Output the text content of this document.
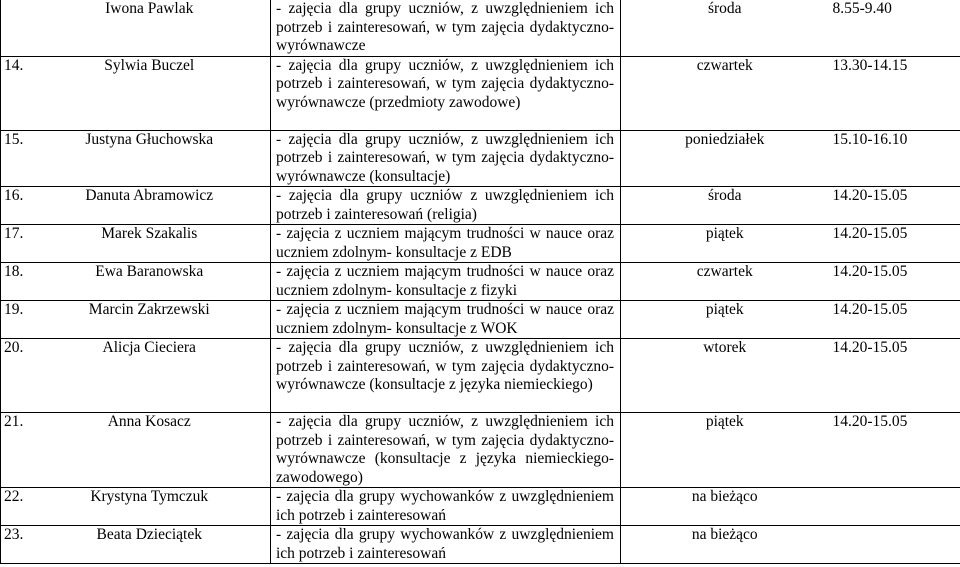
	Iwona Pawlak	- zajęcia dla grupy uczniów, z uwzględnieniem ich potrzeb i zainteresowań, w tym zajęcia dydaktyczno- wyrównawcze	środa	8.55-9.40
14.	Sylwia Buczel	- zajęcia dla grupy uczniów, z uwzględnieniem ich potrzeb i zainteresowań, w tym zajęcia dydaktyczno- wyrównawcze (przedmioty zawodowe)	czwartek	13.30-14.15
15.	Justyna Głuchowska	- zajęcia dla grupy uczniów, z uwzględnieniem ich potrzeb i zainteresowań, w tym zajęcia dydaktyczno- wyrównawcze (konsultacje)	poniedziałek	15.10-16.10
16.	Danuta Abramowicz	- zajęcia dla grupy uczniów z uwzględnieniem ich potrzeb i zainteresowań (religia)	środa	14.20-15.05
17.	Marek Szakalis	- zajęcia z uczniem mającym trudności w nauce oraz uczniem zdolnym- konsultacje z EDB	piątek	14.20-15.05
18.	Ewa Baranowska	- zajęcia z uczniem mającym trudności w nauce oraz uczniem zdolnym- konsultacje z fizyki	czwartek	14.20-15.05
19.	Marcin Zakrzewski	- zajęcia z uczniem mającym trudności w nauce oraz uczniem zdolnym- konsultacje z WOK	piątek	14.20-15.05
20.	Alicja Cieciera	- zajęcia dla grupy uczniów, z uwzględnieniem ich potrzeb i zainteresowań, w tym zajęcia dydaktyczno- wyrównawcze (konsultacje z języka niemieckiego)	wtorek	14.20-15.05
21.	Anna Kosacz	- zajęcia dla grupy uczniów, z uwzględnieniem ich potrzeb i zainteresowań, w tym zajęcia dydaktyczno- wyrównawcze (konsultacje z języka niemieckiego- zawodowego)	piątek	14.20-15.05
22.	Krystyna Tymczuk	- zajęcia dla grupy wychowanków z uwzględnieniem ich potrzeb i zainteresowań	na bieżąco	
23.	Beata Dzieciątek	- zajęcia dla grupy wychowanków z uwzględnieniem ich potrzeb i zainteresowań	na bieżąco	
